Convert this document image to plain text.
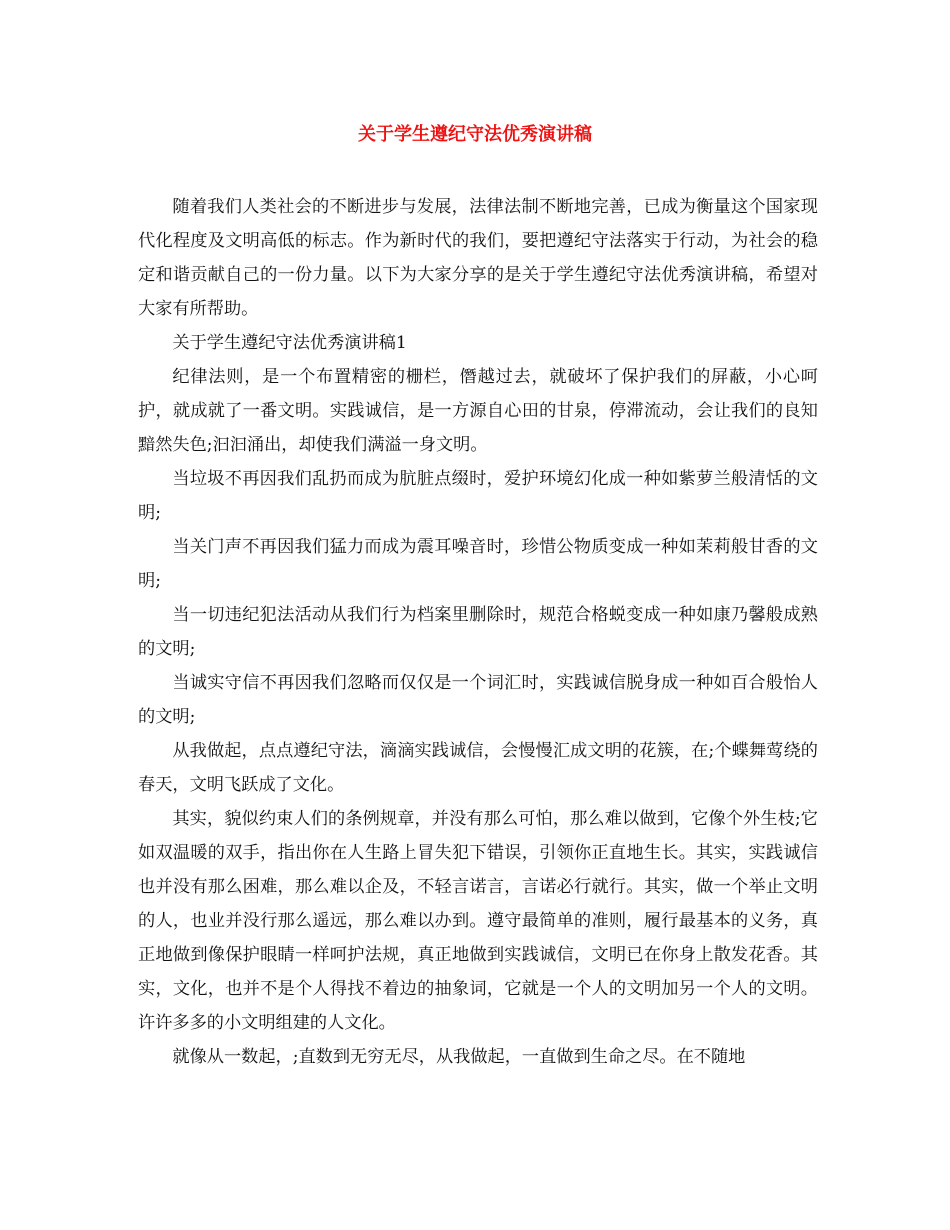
关于学生遵纪守法优秀演讲稿

随着我们人类社会的不断进步与发展，法律法制不断地完善，已成为衡量这个国家现代化程度及文明高低的标志。作为新时代的我们，要把遵纪守法落实于行动，为社会的稳定和谐贡献自己的一份力量。以下为大家分享的是关于学生遵纪守法优秀演讲稿，希望对大家有所帮助。

关于学生遵纪守法优秀演讲稿1

纪律法则，是一个布置精密的栅栏，僭越过去，就破坏了保护我们的屏蔽，小心呵护，就成就了一番文明。实践诚信，是一方源自心田的甘泉，停滞流动，会让我们的良知黯然失色;汩汩涌出，却使我们满溢一身文明。

当垃圾不再因我们乱扔而成为肮脏点缀时，爱护环境幻化成一种如紫萝兰般清恬的文明;

当关门声不再因我们猛力而成为震耳噪音时，珍惜公物质变成一种如茉莉般甘香的文明;

当一切违纪犯法活动从我们行为档案里删除时，规范合格蜕变成一种如康乃馨般成熟的文明;

当诚实守信不再因我们忽略而仅仅是一个词汇时，实践诚信脱身成一种如百合般怡人的文明;

从我做起，点点遵纪守法，滴滴实践诚信，会慢慢汇成文明的花簇，在;个蝶舞莺绕的春天，文明飞跃成了文化。

其实，貌似约束人们的条例规章，并没有那么可怕，那么难以做到，它像个外生枝;它如双温暖的双手，指出你在人生路上冒失犯下错误，引领你正直地生长。其实，实践诚信也并没有那么困难，那么难以企及，不轻言诺言，言诺必行就行。其实，做一个举止文明的人，也业并没行那么遥远，那么难以办到。遵守最简单的准则，履行最基本的义务，真正地做到像保护眼睛一样呵护法规，真正地做到实践诚信，文明已在你身上散发花香。其实，文化，也并不是个人得找不着边的抽象词，它就是一个人的文明加另一个人的文明。许许多多的小文明组建的人文化。

就像从一数起，;直数到无穷无尽，从我做起，一直做到生命之尽。在不随地
